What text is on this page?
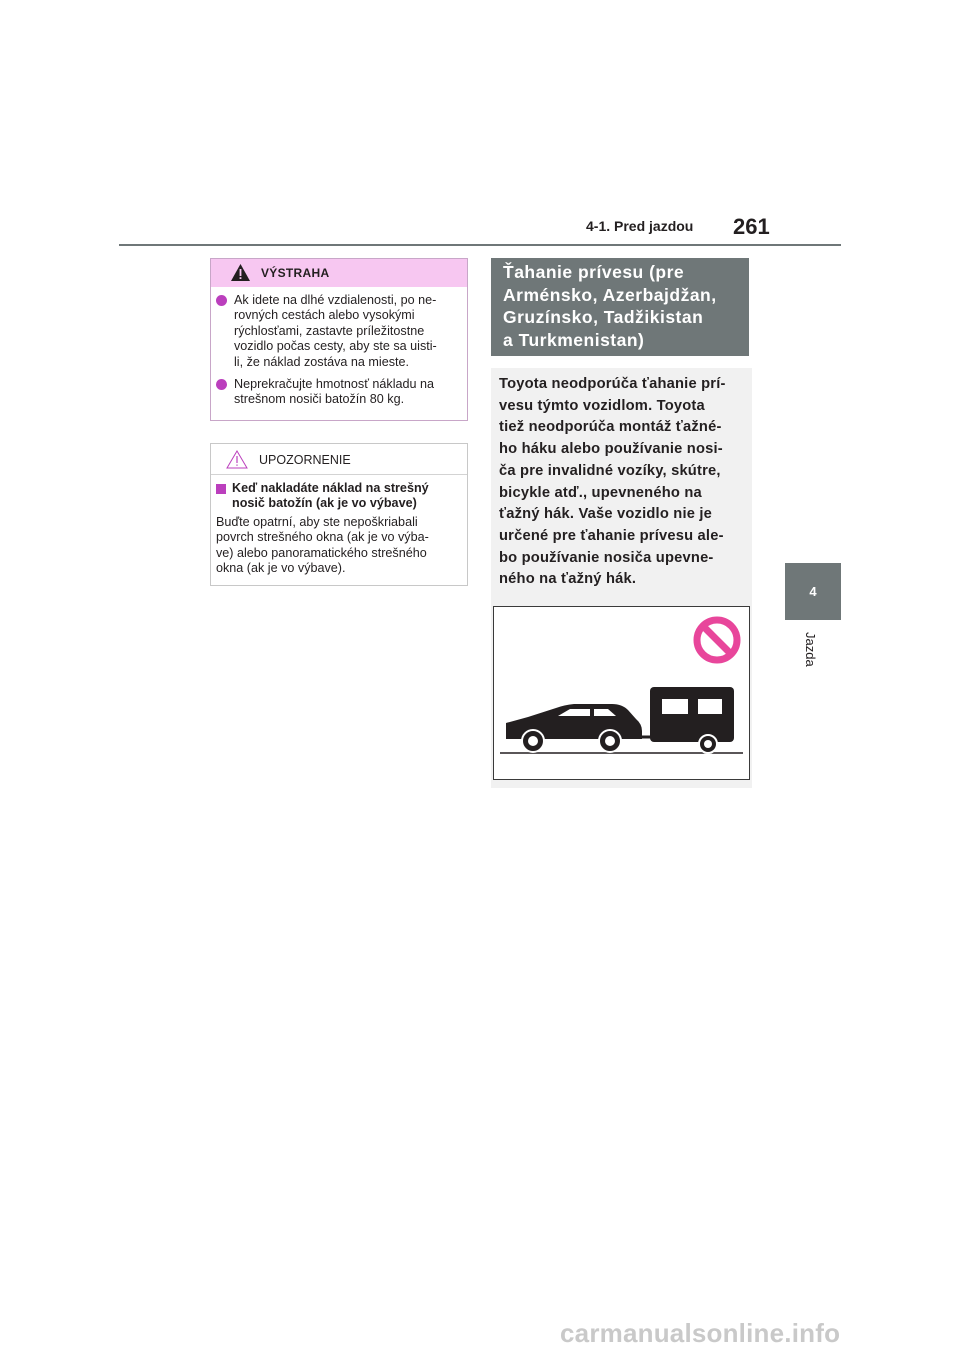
4-1. Pred jazdou 261
4
Jazda
VÝSTRAHA
Ak idete na dlhé vzdialenosti, po ne-
rovných cestách alebo vysokými
rýchlosťami, zastavte príležitostne
vozidlo počas cesty, aby ste sa uisti-
li, že náklad zostáva na mieste.
Neprekračujte hmotnosť nákladu na
strešnom nosiči batožín 80 kg.
UPOZORNENIE
Keď nakladáte náklad na strešný
nosič batožín (ak je vo výbave)
Buďte opatrní, aby ste nepoškriabali
povrch strešného okna (ak je vo výba-
ve) alebo panoramatického strešného
okna (ak je vo výbave).
Ťahanie prívesu (pre
Arménsko, Azerbajdžan,
Gruzínsko, Tadžikistan
a Turkmenistan)
Toyota neodporúča ťahanie prí-
vesu týmto vozidlom. Toyota
tiež neodporúča montáž ťažné-
ho háku alebo používanie nosi-
ča pre invalidné vozíky, skútre,
bicykle atď., upevneného na
ťažný hák. Vaše vozidlo nie je
určené pre ťahanie prívesu ale-
bo používanie nosiča upevne-
ného na ťažný hák.
carmanualsonline.info
